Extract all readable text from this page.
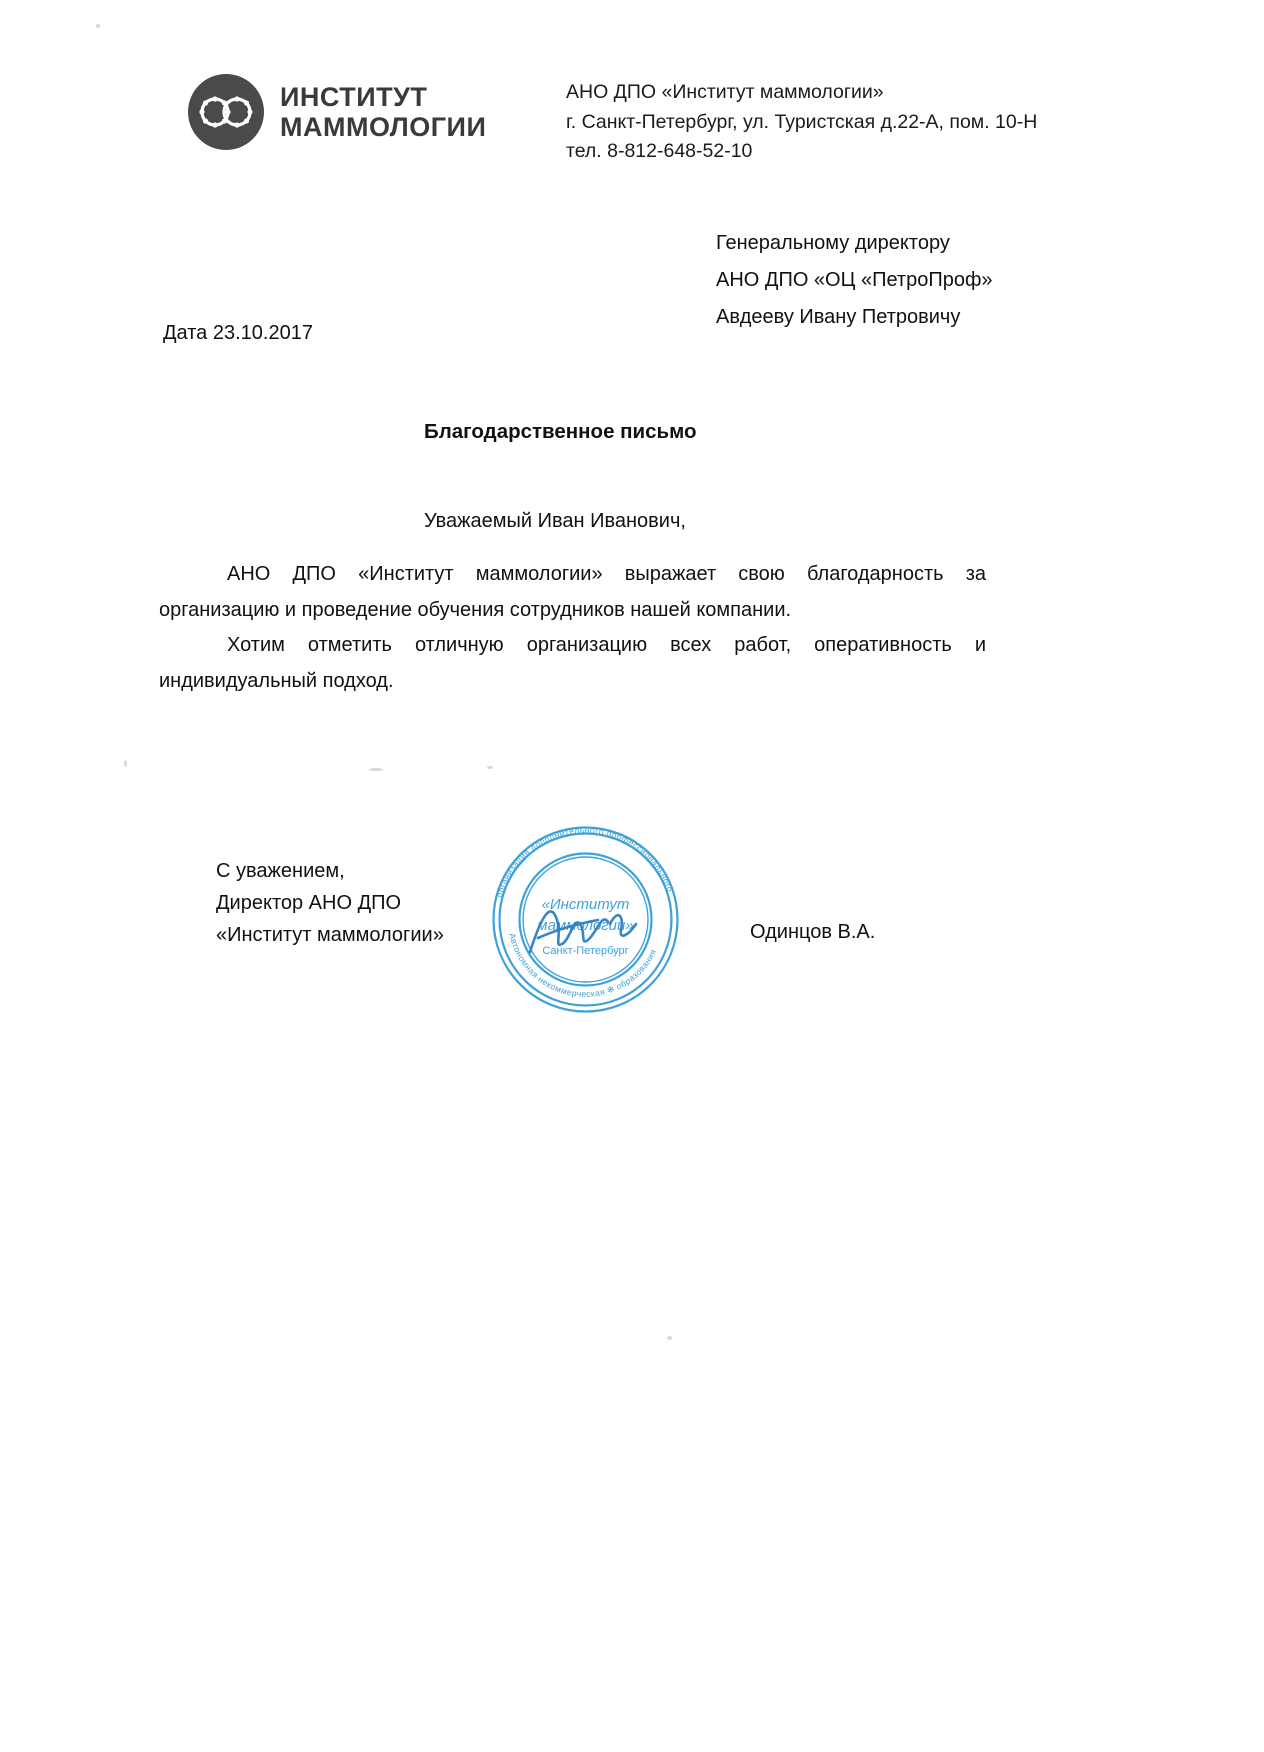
ИНСТИТУТ
МАММОЛОГИИ
АНО ДПО «Институт маммологии»
г. Санкт-Петербург, ул. Туристская д.22-А, пом. 10-Н
тел. 8-812-648-52-10
Генеральному директору
АНО ДПО «ОЦ «ПетроПроф»
Авдееву Ивану Петровичу
Дата 23.10.2017
Благодарственное письмо
Уважаемый Иван Иванович,

АНО ДПО «Институт маммологии» выражает свою благодарность за организацию и проведение обучения сотрудников нашей компании.

Хотим отметить отличную организацию всех работ, оперативность и индивидуальный подход.

С уважением,
Директор АНО ДПО
«Институт маммологии»	Одинцов В.А.
организация дополнительного профессионального
Автономная некоммерческая ✻ образования
«Институт
маммологии»
Санкт-Петербург
